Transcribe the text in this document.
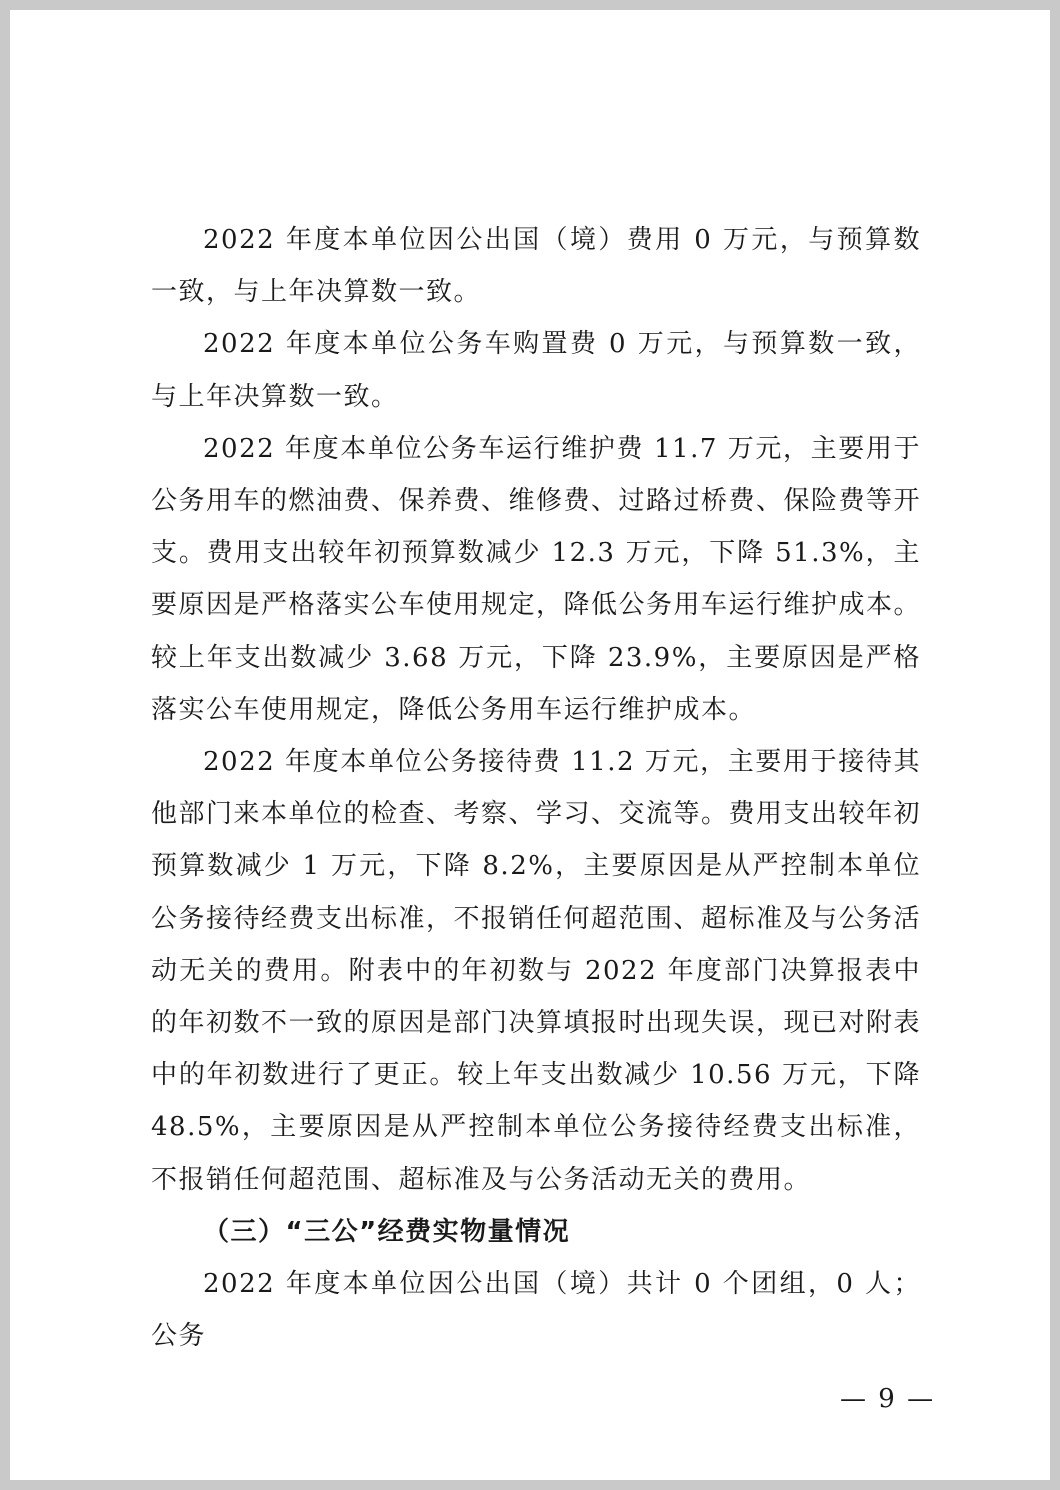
2022 年度本单位因公出国（境）费用 0 万元，与预算数一致，与上年决算数一致。

2022 年度本单位公务车购置费 0 万元，与预算数一致，与上年决算数一致。

2022 年度本单位公务车运行维护费 11.7 万元，主要用于公务用车的燃油费、保养费、维修费、过路过桥费、保险费等开支。费用支出较年初预算数减少 12.3 万元，下降 51.3%，主要原因是严格落实公车使用规定，降低公务用车运行维护成本。较上年支出数减少 3.68 万元，下降 23.9%，主要原因是严格落实公车使用规定，降低公务用车运行维护成本。

2022 年度本单位公务接待费 11.2 万元，主要用于接待其他部门来本单位的检查、考察、学习、交流等。费用支出较年初预算数减少 1 万元，下降 8.2%，主要原因是从严控制本单位公务接待经费支出标准，不报销任何超范围、超标准及与公务活动无关的费用。附表中的年初数与 2022 年度部门决算报表中的年初数不一致的原因是部门决算填报时出现失误，现已对附表中的年初数进行了更正。较上年支出数减少 10.56 万元，下降 48.5%，主要原因是从严控制本单位公务接待经费支出标准，不报销任何超范围、超标准及与公务活动无关的费用。

（三）“三公”经费实物量情况

2022 年度本单位因公出国（境）共计 0 个团组，0 人；公务

— 9 —
